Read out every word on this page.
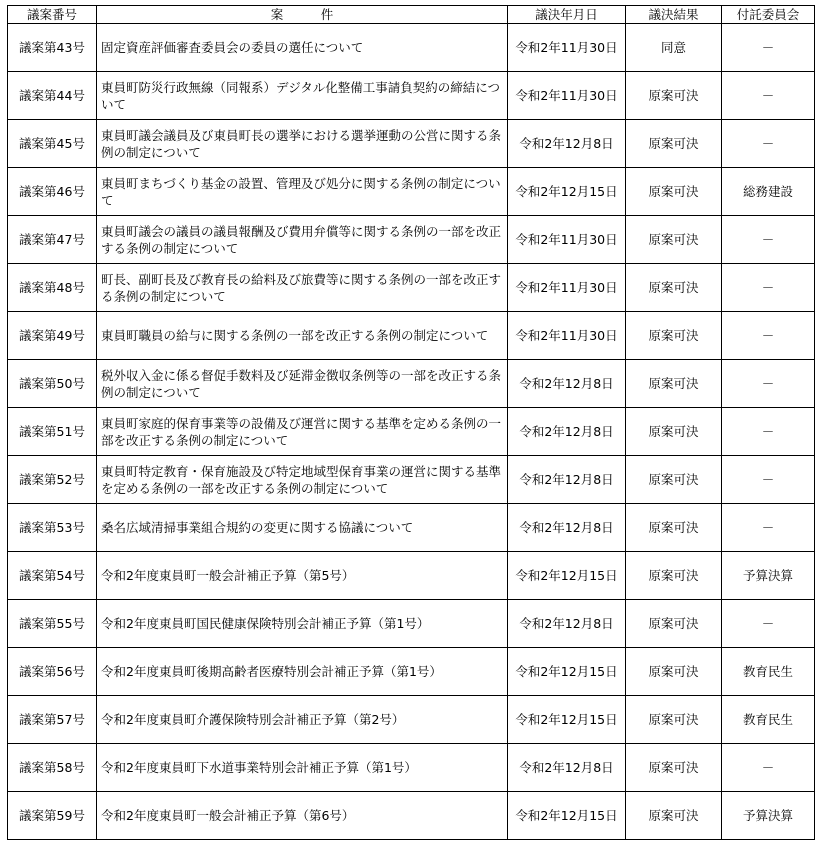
議案番号	案　　　件	議決年月日	議決結果	付託委員会
議案第43号	固定資産評価審査委員会の委員の選任について	令和2年11月30日	同意	－
議案第44号	東員町防災行政無線（同報系）デジタル化整備工事請負契約の締結について	令和2年11月30日	原案可決	－
議案第45号	東員町議会議員及び東員町長の選挙における選挙運動の公営に関する条例の制定について	令和2年12月8日	原案可決	－
議案第46号	東員町まちづくり基金の設置、管理及び処分に関する条例の制定について	令和2年12月15日	原案可決	総務建設
議案第47号	東員町議会の議員の議員報酬及び費用弁償等に関する条例の一部を改正する条例の制定について	令和2年11月30日	原案可決	－
議案第48号	町長、副町長及び教育長の給料及び旅費等に関する条例の一部を改正する条例の制定について	令和2年11月30日	原案可決	－
議案第49号	東員町職員の給与に関する条例の一部を改正する条例の制定について	令和2年11月30日	原案可決	－
議案第50号	税外収入金に係る督促手数料及び延滞金徴収条例等の一部を改正する条例の制定について	令和2年12月8日	原案可決	－
議案第51号	東員町家庭的保育事業等の設備及び運営に関する基準を定める条例の一部を改正する条例の制定について	令和2年12月8日	原案可決	－
議案第52号	東員町特定教育・保育施設及び特定地域型保育事業の運営に関する基準を定める条例の一部を改正する条例の制定について	令和2年12月8日	原案可決	－
議案第53号	桑名広域清掃事業組合規約の変更に関する協議について	令和2年12月8日	原案可決	－
議案第54号	令和2年度東員町一般会計補正予算（第5号）	令和2年12月15日	原案可決	予算決算
議案第55号	令和2年度東員町国民健康保険特別会計補正予算（第1号）	令和2年12月8日	原案可決	－
議案第56号	令和2年度東員町後期高齢者医療特別会計補正予算（第1号）	令和2年12月15日	原案可決	教育民生
議案第57号	令和2年度東員町介護保険特別会計補正予算（第2号）	令和2年12月15日	原案可決	教育民生
議案第58号	令和2年度東員町下水道事業特別会計補正予算（第1号）	令和2年12月8日	原案可決	－
議案第59号	令和2年度東員町一般会計補正予算（第6号）	令和2年12月15日	原案可決	予算決算
